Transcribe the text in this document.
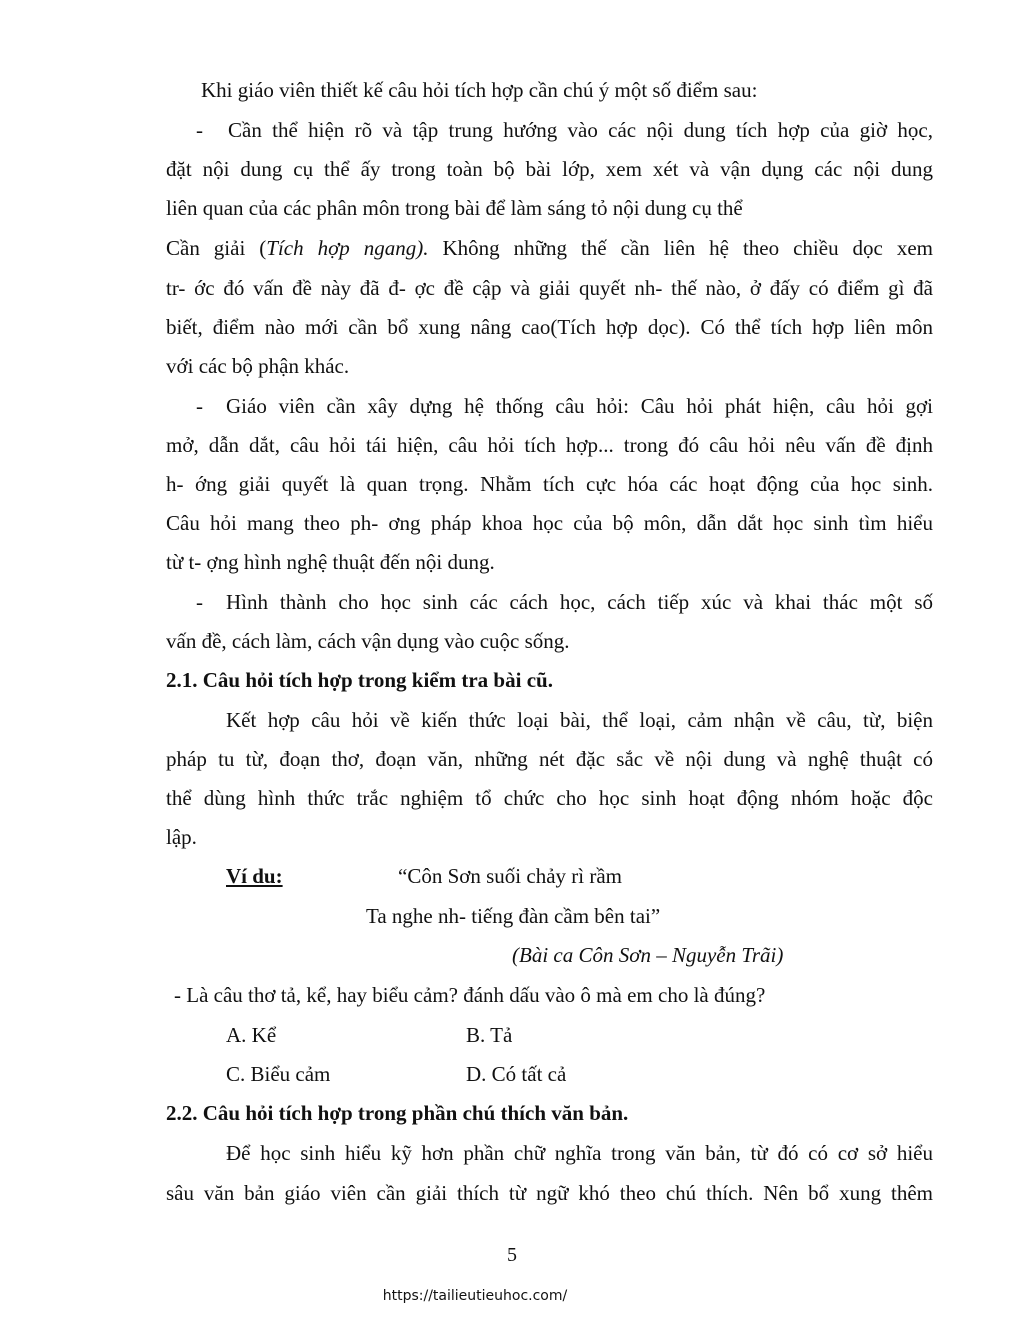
Khi giáo viên thiết kế câu hỏi tích hợp cần chú ý một số điểm sau:
-	Cần thể hiện rõ và tập trung hướng vào các nội dung tích hợp của giờ học,
đặt nội dung cụ thể ấy trong toàn bộ bài lớp, xem xét và vận dụng các nội dung
liên quan của các phân môn trong bài để làm sáng tỏ nội dung cụ thể
Cần giải (Tích hợp ngang). Không những thế cần liên hệ theo chiều dọc xem
tr- ớc đó vấn đề này đã đ- ợc đề cập và giải quyết nh- thế nào, ở đấy có điểm gì đã
biết, điểm nào mới cần bổ xung nâng cao(Tích hợp dọc). Có thể tích hợp liên môn
với các bộ phận khác.
-	Giáo viên cần xây dựng hệ thống câu hỏi: Câu hỏi phát hiện, câu hỏi gợi
mở, dẫn dắt, câu hỏi tái hiện, câu hỏi tích hợp... trong đó câu hỏi nêu vấn đề định
h- ớng giải quyết là quan trọng. Nhằm tích cực hóa các hoạt động của học sinh.
Câu hỏi mang theo ph- ơng pháp khoa học của bộ môn, dẫn dắt học sinh tìm hiểu
từ t- ợng hình nghệ thuật đến nội dung.
-	Hình thành cho học sinh các cách học, cách tiếp xúc và khai thác một số
vấn đề, cách làm, cách vận dụng vào cuộc sống.
2.1. Câu hỏi tích hợp trong kiểm tra bài cũ.
Kết hợp câu hỏi về kiến thức loại bài, thể loại, cảm nhận về câu, từ, biện
pháp tu từ, đoạn thơ, đoạn văn, những nét đặc sắc về nội dung và nghệ thuật có
thể dùng hình thức trắc nghiệm tổ chức cho học sinh hoạt động nhóm hoặc độc
lập.
Ví du:	“Côn Sơn suối chảy rì rầm
Ta nghe nh- tiếng đàn cầm bên tai”
(Bài ca Côn Sơn – Nguyễn Trãi)
- Là câu thơ tả, kể, hay biểu cảm? đánh dấu vào ô mà em cho là đúng?
A. Kể	B. Tả
C. Biểu cảm	D. Có tất cả
2.2. Câu hỏi tích hợp trong phần chú thích văn bản.
Để học sinh hiểu kỹ hơn phần chữ nghĩa trong văn bản, từ đó có cơ sở hiểu
sâu văn bản giáo viên cần giải thích từ ngữ khó theo chú thích. Nên bổ xung thêm
5
https://tailieutieuhoc.com/
